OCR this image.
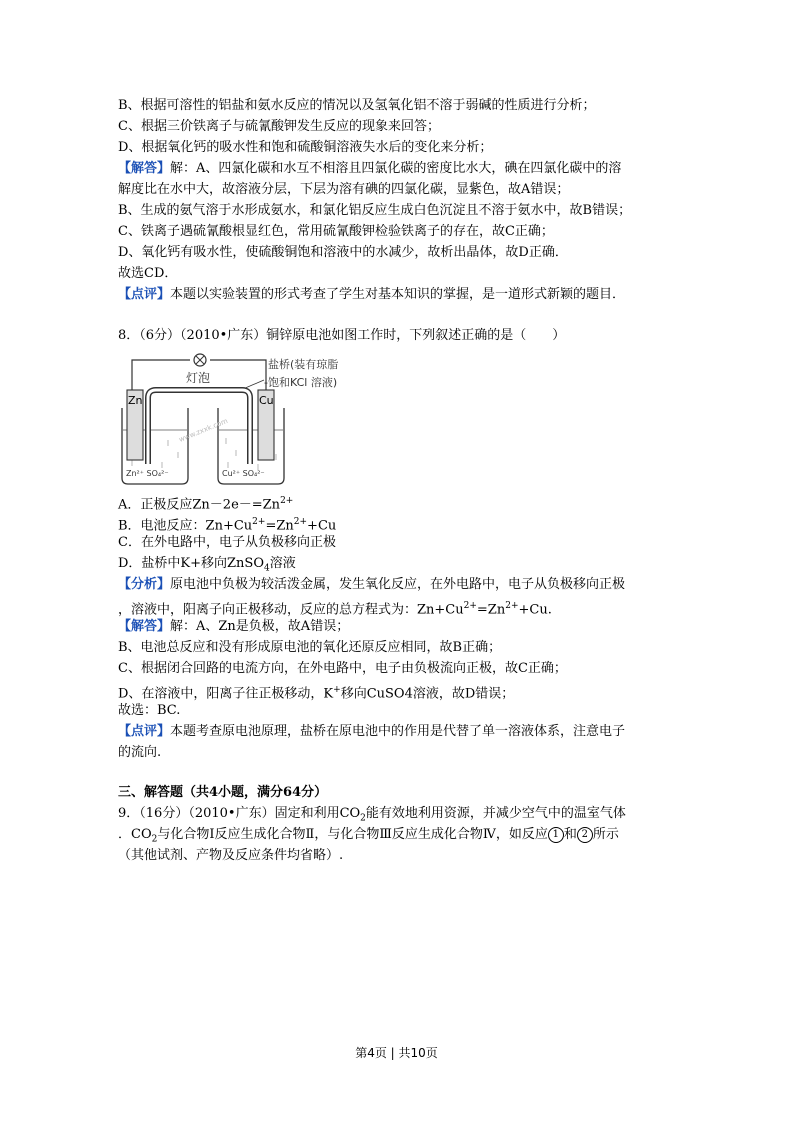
B、根据可溶性的铝盐和氨水反应的情况以及氢氧化铝不溶于弱碱的性质进行分析；
C、根据三价铁离子与硫氰酸钾发生反应的现象来回答；
D、根据氧化钙的吸水性和饱和硫酸铜溶液失水后的变化来分析；
【解答】解：A、四氯化碳和水互不相溶且四氯化碳的密度比水大，碘在四氯化碳中的溶
解度比在水中大，故溶液分层，下层为溶有碘的四氯化碳，显紫色，故A错误；
B、生成的氨气溶于水形成氨水，和氯化铝反应生成白色沉淀且不溶于氨水中，故B错误；
C、铁离子遇硫氰酸根显红色，常用硫氰酸钾检验铁离子的存在，故C正确；
D、氧化钙有吸水性，使硫酸铜饱和溶液中的水减少，故析出晶体，故D正确．
故选CD．
【点评】本题以实验装置的形式考查了学生对基本知识的掌握，是一道形式新颖的题目．
8．（6分）（2010•广东）铜锌原电池如图工作时，下列叙述正确的是（　　）
灯泡
盐桥(装有琼脂
-饱和KCl 溶液)
Zn
Zn²⁺ SO₄²⁻
Cu
Cu²⁺ SO₄²⁻
www.zxxk.com
A．正极反应$Zn-2e-=Zn^{2+}$
B．电池反应：$Zn+Cu^{2+}=Zn^{2+}+Cu$
C．在外电路中，电子从负极移向正极
D．盐桥中K+移向ZnSO$_4$溶液
【分析】原电池中负极为较活泼金属，发生氧化反应，在外电路中，电子从负极移向正极
，溶液中，阳离子向正极移动，反应的总方程式为：$Zn+Cu^{2+}=Zn^{2+}+Cu$.
【解答】解：A、Zn是负极，故A错误；
B、电池总反应和没有形成原电池的氧化还原反应相同，故B正确；
C、根据闭合回路的电流方向，在外电路中，电子由负极流向正极，故C正确；
D、在溶液中，阳离子往正极移动，K+移向CuSO4溶液，故D错误；
故选：BC.
【点评】本题考查原电池原理，盐桥在原电池中的作用是代替了单一溶液体系，注意电子
的流向.
三、解答题（共4小题，满分64分）
9．（16分）（2010•广东）固定和利用$CO_2$能有效地利用资源，并减少空气中的温室气体
．$CO_2$与化合物Ⅰ反应生成化合物Ⅱ，与化合物Ⅲ反应生成化合物Ⅳ，如反应 1 和 2 所示
（其他试剂、产物及反应条件均省略）.
第4页 | 共10页
